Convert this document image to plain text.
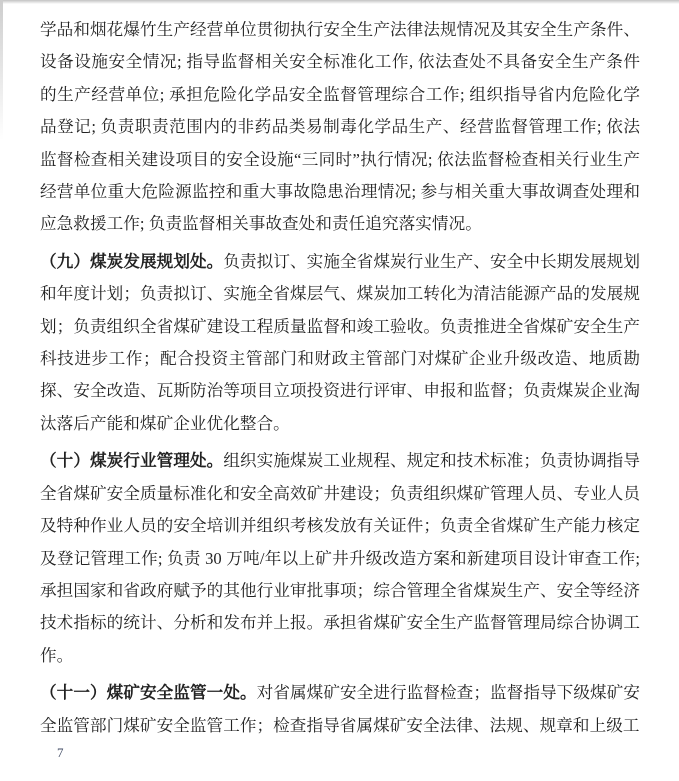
学品和烟花爆竹生产经营单位贯彻执行安全生产法律法规情况及其安全生产条件、设备设施安全情况; 指导监督相关安全标准化工作, 依法查处不具备安全生产条件的生产经营单位; 承担危险化学品安全监督管理综合工作; 组织指导省内危险化学品登记; 负责职责范围内的非药品类易制毒化学品生产、经营监督管理工作; 依法监督检查相关建设项目的安全设施“三同时”执行情况; 依法监督检查相关行业生产经营单位重大危险源监控和重大事故隐患治理情况; 参与相关重大事故调查处理和应急救援工作; 负责监督相关事故查处和责任追究落实情况。

（九）煤炭发展规划处。负责拟订、实施全省煤炭行业生产、安全中长期发展规划和年度计划；负责拟订、实施全省煤层气、煤炭加工转化为清洁能源产品的发展规划；负责组织全省煤矿建设工程质量监督和竣工验收。负责推进全省煤矿安全生产科技进步工作；配合投资主管部门和财政主管部门对煤矿企业升级改造、地质勘探、安全改造、瓦斯防治等项目立项投资进行评审、申报和监督；负责煤炭企业淘汰落后产能和煤矿企业优化整合。

（十）煤炭行业管理处。组织实施煤炭工业规程、规定和技术标准；负责协调指导全省煤矿安全质量标准化和安全高效矿井建设；负责组织煤矿管理人员、专业人员及特种作业人员的安全培训并组织考核发放有关证件；负责全省煤矿生产能力核定及登记管理工作; 负责 30 万吨/年以上矿井升级改造方案和新建项目设计审查工作; 承担国家和省政府赋予的其他行业审批事项；综合管理全省煤炭生产、安全等经济技术指标的统计、分析和发布并上报。承担省煤矿安全生产监督管理局综合协调工作。

（十一）煤矿安全监管一处。对省属煤矿安全进行监督检查；监督指导下级煤矿安全监管部门煤矿安全监管工作；检查指导省属煤矿安全法律、法规、规章和上级工

7
